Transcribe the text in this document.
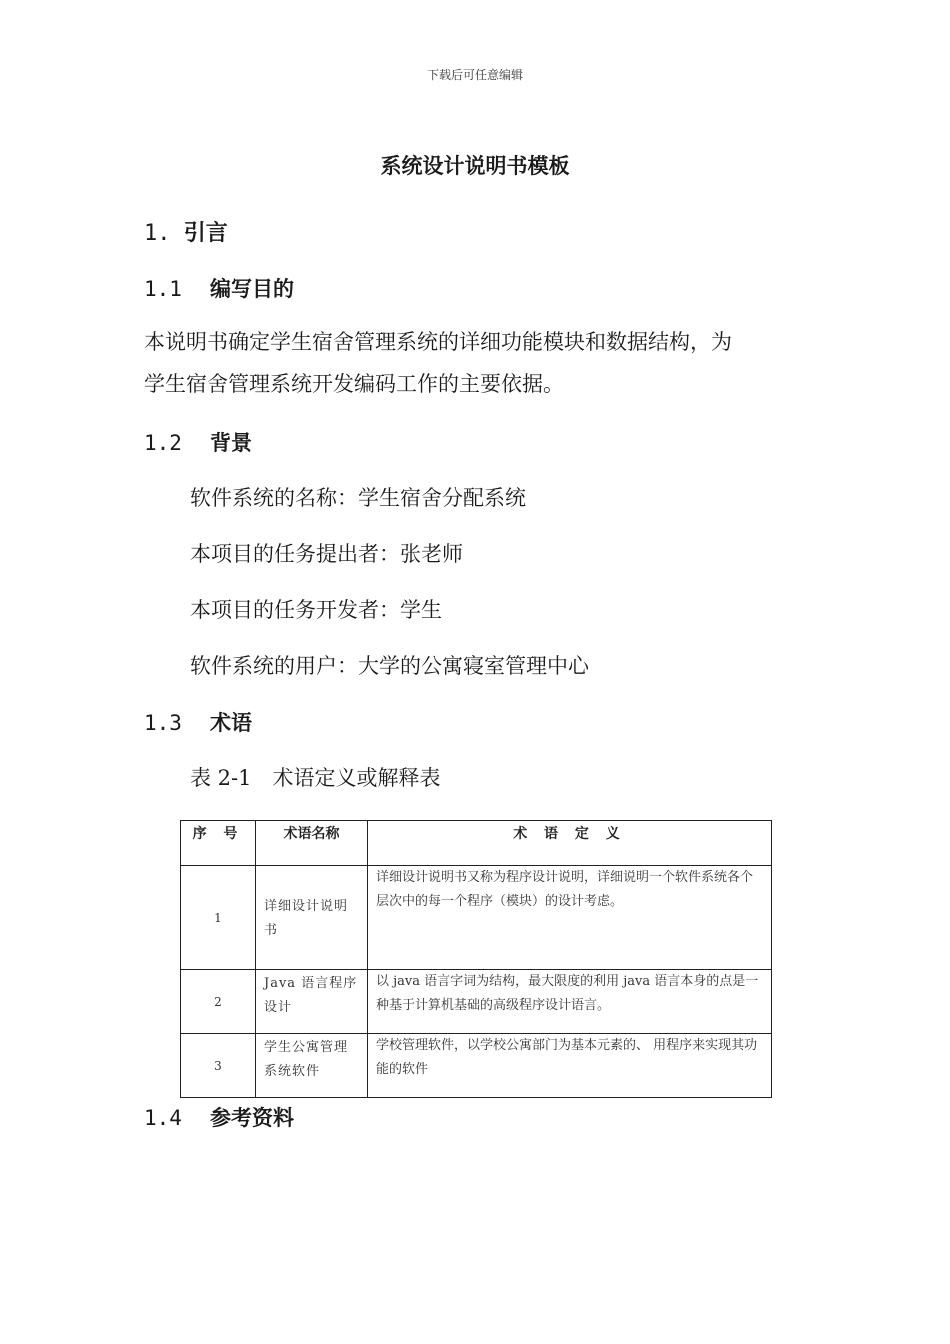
下载后可任意编辑
系统设计说明书模板
1. 引言
1.1 编写目的
本说明书确定学生宿舍管理系统的详细功能模块和数据结构，为
学生宿舍管理系统开发编码工作的主要依据。
1.2 背景
软件系统的名称：学生宿舍分配系统
本项目的任务提出者：张老师
本项目的任务开发者：学生
软件系统的用户：大学的公寓寝室管理中心
1.3 术语
表 2-1　术语定义或解释表
序 号	术语名称	术 语 定 义
1	详细设计说明书	详细设计说明书又称为程序设计说明，详细说明一个软件系统各个层次中的每一个程序（模块）的设计考虑。
2	Java 语言程序设计	以 java 语言字词为结构，最大限度的利用 java 语言本身的点是一种基于计算机基础的高级程序设计语言。
3	学生公寓管理系统软件	学校管理软件，以学校公寓部门为基本元素的、 用程序来实现其功能的软件
1.4 参考资料
